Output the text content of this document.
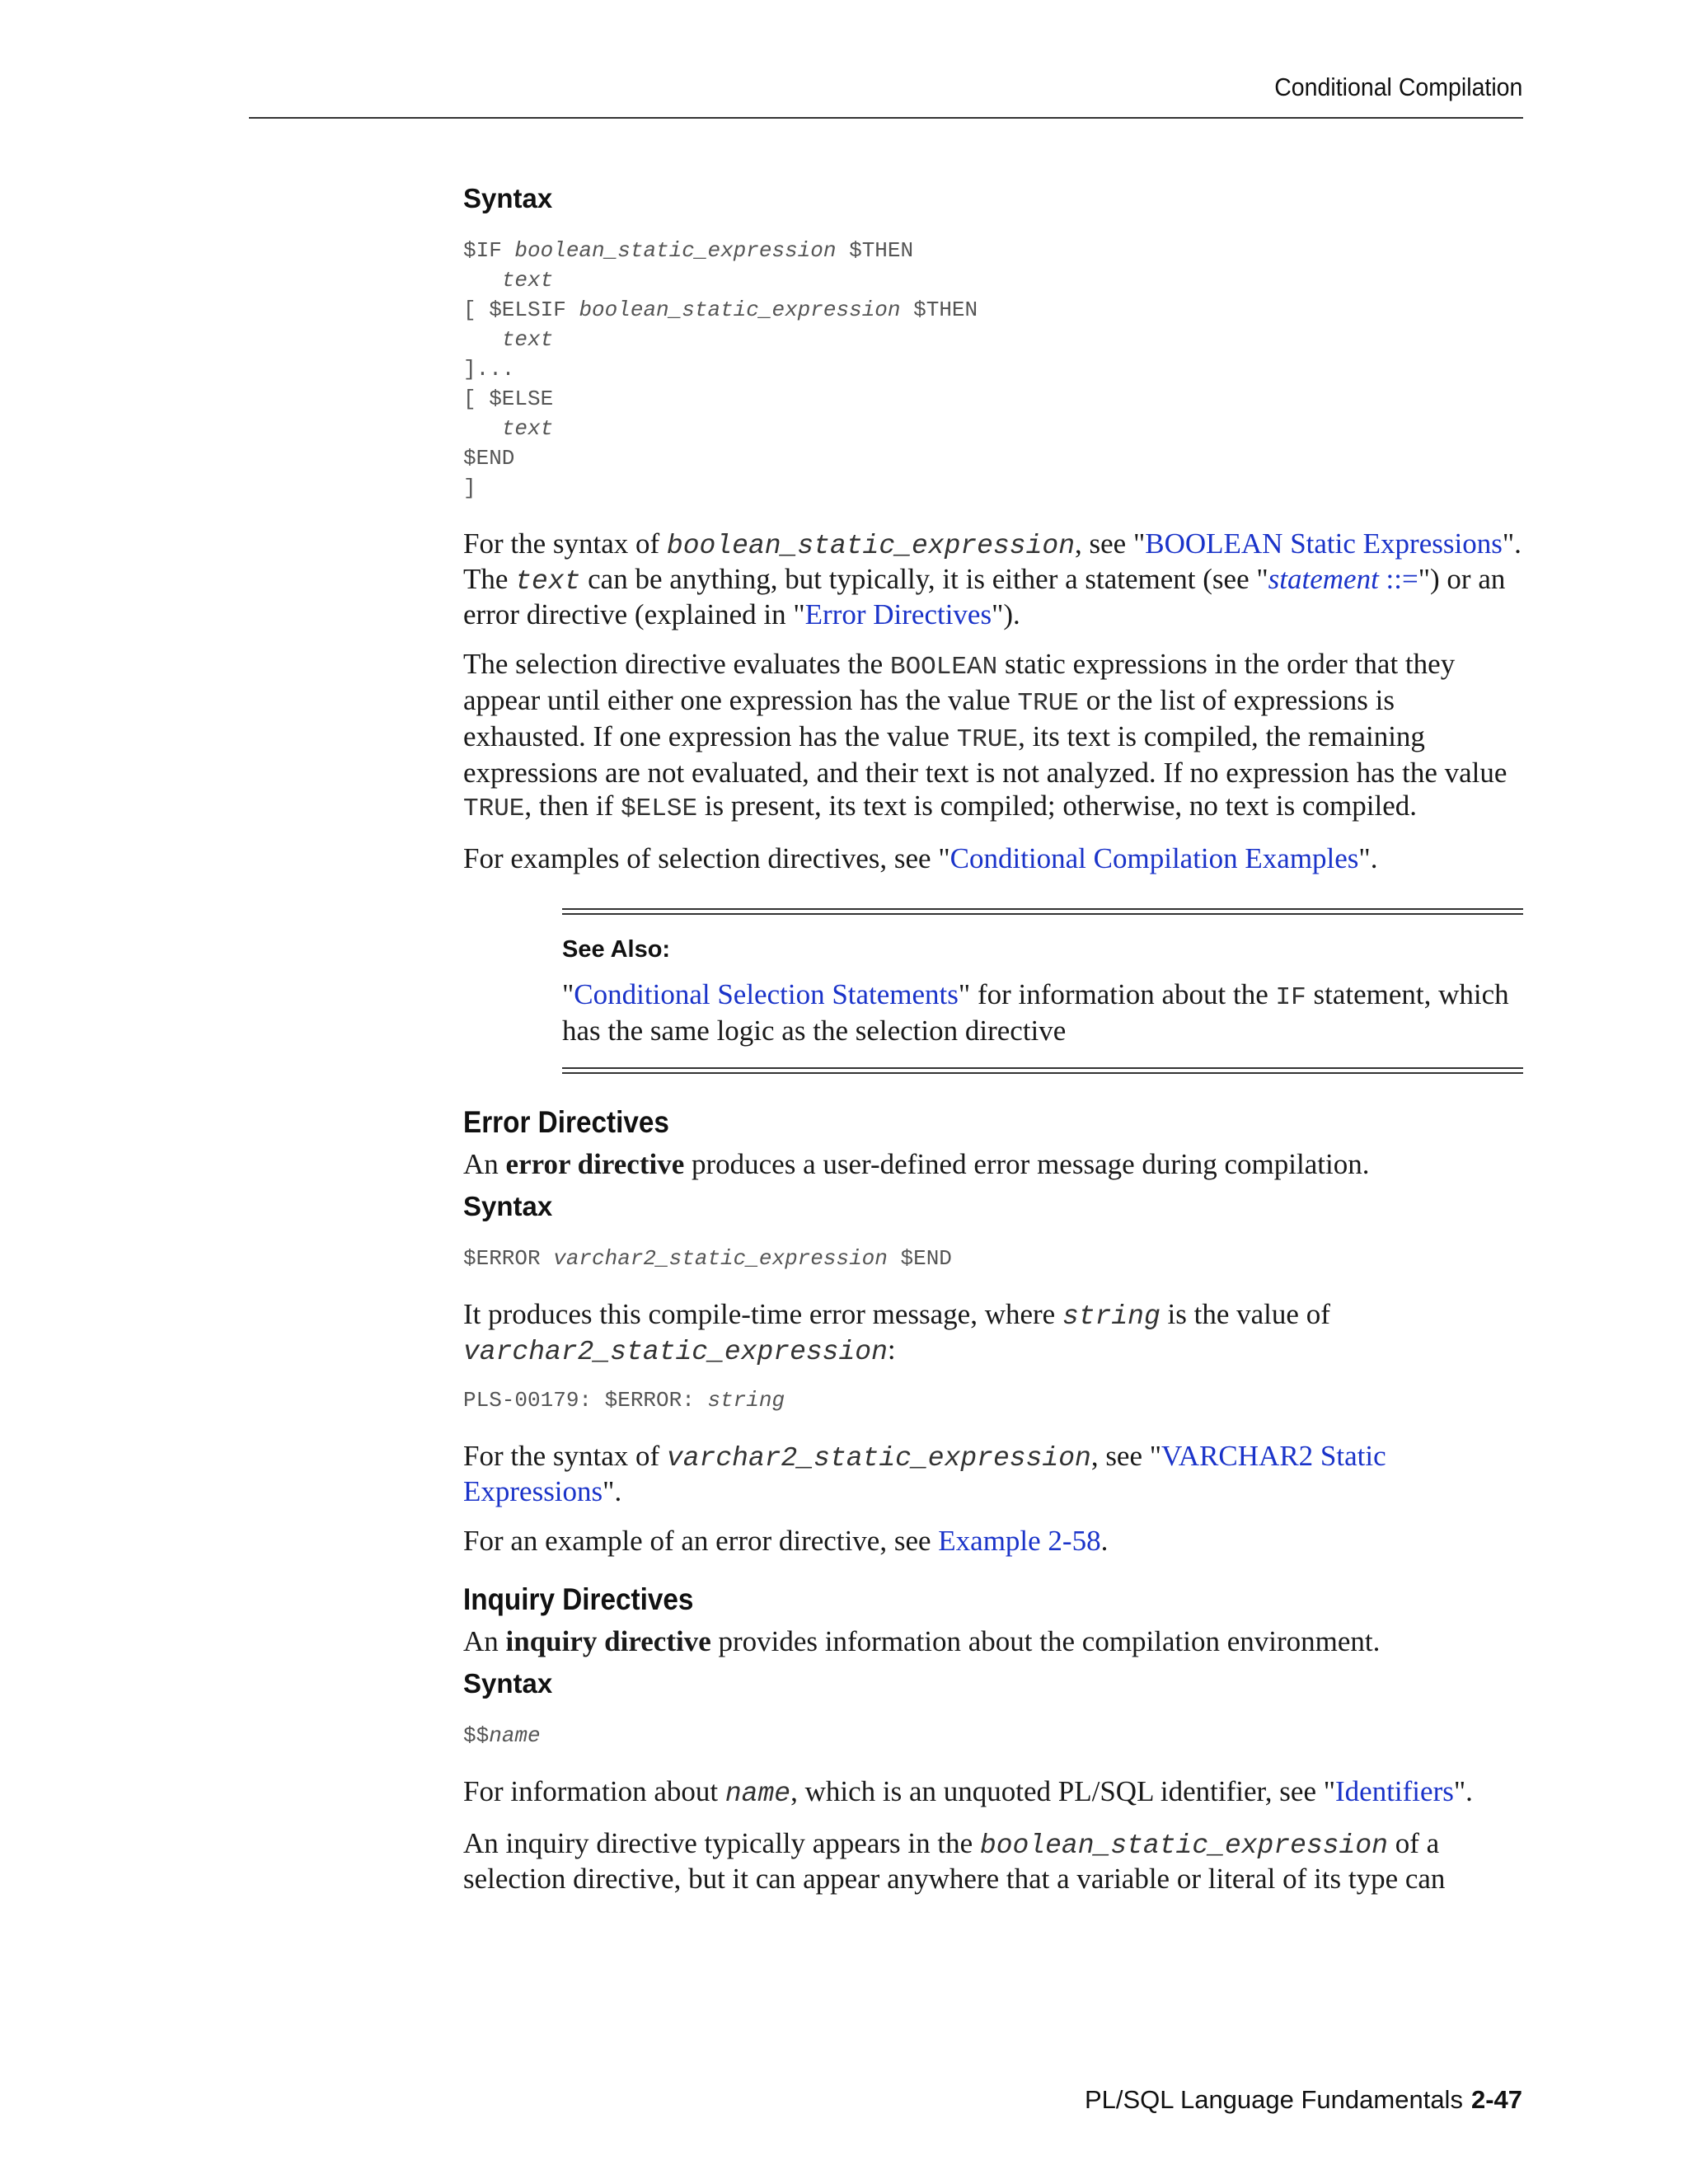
Conditional Compilation
Syntax
$IF boolean_static_expression $THEN
text
[ $ELSIF boolean_static_expression $THEN
text
]...
[ $ELSE
text
$END
]

For the syntax of boolean_static_expression, see "BOOLEAN Static Expressions". The text can be anything, but typically, it is either a statement (see "statement ::=") or an error directive (explained in "Error Directives").

The selection directive evaluates the BOOLEAN static expressions in the order that they appear until either one expression has the value TRUE or the list of expressions is exhausted. If one expression has the value TRUE, its text is compiled, the remaining expressions are not evaluated, and their text is not analyzed. If no expression has the value TRUE, then if $ELSE is present, its text is compiled; otherwise, no text is compiled.

For examples of selection directives, see "Conditional Compilation Examples".

See Also:

"Conditional Selection Statements" for information about the IF statement, which has the same logic as the selection directive

Error Directives

An error directive produces a user-defined error message during compilation.

Syntax
$ERROR varchar2_static_expression $END

It produces this compile-time error message, where string is the value of varchar2_static_expression:

PLS-00179: $ERROR: string

For the syntax of varchar2_static_expression, see "VARCHAR2 Static Expressions".

For an example of an error directive, see Example 2-58.

Inquiry Directives

An inquiry directive provides information about the compilation environment.

Syntax
$$name

For information about name, which is an unquoted PL/SQL identifier, see "Identifiers".

An inquiry directive typically appears in the boolean_static_expression of a selection directive, but it can appear anywhere that a variable or literal of its type can

PL/SQL Language Fundamentals 2-47
